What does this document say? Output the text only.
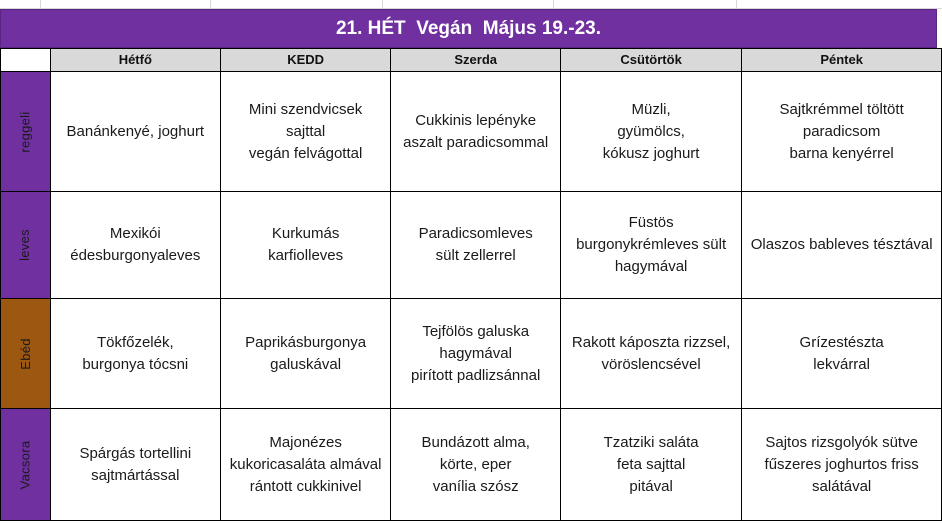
21. HÉT  Vegán  Május 19.-23.
	Hétfő	KEDD	Szerda	Csütörtök	Péntek
reggeli	Banánkenyé, joghurt	Mini szendvicsek
sajttal
vegán felvágottal	Cukkinis lepényke
aszalt paradicsommal	Müzli,
gyümölcs,
kókusz joghurt	Sajtkrémmel töltött
paradicsom
barna kenyérrel

leves	Mexikói
édesburgonyaleves	Kurkumás
karfiolleves	Paradicsomleves
sült zellerrel	Füstös
burgonykrémleves sült
hagymával	Olaszos bableves tésztával

Ebéd	Tökfőzelék,
burgonya tócsni	Paprikásburgonya
galuskával	Tejfölös galuska
hagymával
pirított padlizsánnal	Rakott káposzta rizzsel,
vöröslencsével	Grízestészta
lekvárral

Vacsora	Spárgás tortellini
sajtmártással	Majonézes
kukoricasaláta almával
rántott cukkinivel	Bundázott alma,
körte, eper
vanília szósz	Tzatziki saláta
feta sajttal
pitával	Sajtos rizsgolyók sütve
fűszeres joghurtos friss
salátával
